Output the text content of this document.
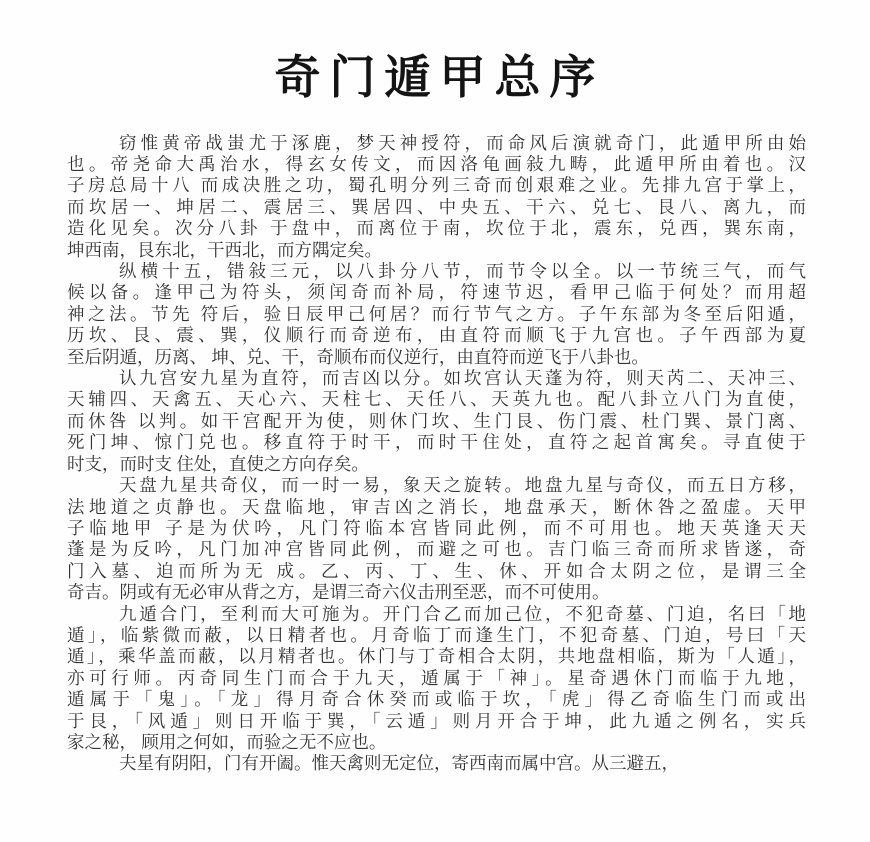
奇门遁甲总序
窃惟黄帝战蚩尤于涿鹿，梦天神授符，而命风后演就奇门，此遁甲所由始
也。帝尧命大禹治水，得玄女传文，而因洛龟画敍九畴，此遁甲所由着也。汉
子房总局十八 而成决胜之功，蜀孔明分列三奇而创艰难之业。先排九宫于掌上，
而坎居一、坤居二、震居三、巽居四、中央五、干六、兑七、艮八、离九，而
造化见矣。次分八卦 于盘中，而离位于南，坎位于北，震东，兑西，巽东南，
坤西南，艮东北，干西北，而方隅定矣。
纵横十五，错敍三元，以八卦分八节，而节令以全。以一节统三气，而气
候以备。逢甲己为符头，须闰奇而补局，符速节迟，看甲己临于何处？而用超
神之法。节先 符后，验日辰甲己何居？而行节气之方。子午东部为冬至后阳遁，
历坎、艮、震、巽，仪顺行而奇逆布，由直符而顺飞于九宫也。子午西部为夏
至后阴遁，历离、 坤、兑、干，奇顺布而仪逆行，由直符而逆飞于八卦也。
认九宫安九星为直符，而吉凶以分。如坎宫认天蓬为符，则天芮二、天冲三、
天辅四、天禽五、天心六、天柱七、天任八、天英九也。配八卦立八门为直使，
而休咎 以判。如干宫配开为使，则休门坎、生门艮、伤门震、杜门巽、景门离、
死门坤、惊门兑也。移直符于时干，而时干住处，直符之起首寓矣。寻直使于
时支，而时支 住处，直使之方向存矣。
天盘九星共奇仪，而一时一易，象天之旋转。地盘九星与奇仪，而五日方移，
法地道之贞静也。天盘临地，审吉凶之消长，地盘承天，断休咎之盈虚。天甲
子临地甲 子是为伏吟，凡门符临本宫皆同此例，而不可用也。地天英逢天天
蓬是为反吟，凡门加冲宫皆同此例，而避之可也。吉门临三奇而所求皆遂，奇
门入墓、迫而所为无 成。乙、丙、丁、生、休、开如合太阴之位，是谓三全
奇吉。阴或有无必审从背之方，是谓三奇六仪击刑至恶，而不可使用。
九遁合门，至利而大可施为。开门合乙而加己位，不犯奇墓、门迫，名曰「地
遁」，临紫微而蔽，以日精者也。月奇临丁而逢生门，不犯奇墓、门迫，号曰「天
遁」，乘华盖而蔽，以月精者也。休门与丁奇相合太阴，共地盘相临，斯为「人遁」，
亦可行师。丙奇同生门而合于九天，遁属于「神」。星奇遇休门而临于九地，
遁属于「鬼」。「龙」得月奇合休癸而或临于坎，「虎」得乙奇临生门而或出
于艮，「风遁」则日开临于巽，「云遁」则月开合于坤，此九遁之例名，实兵
家之秘， 顾用之何如，而验之无不应也。
夫星有阴阳，门有开阖。惟天禽则无定位，寄西南而属中宫。从三避五，
